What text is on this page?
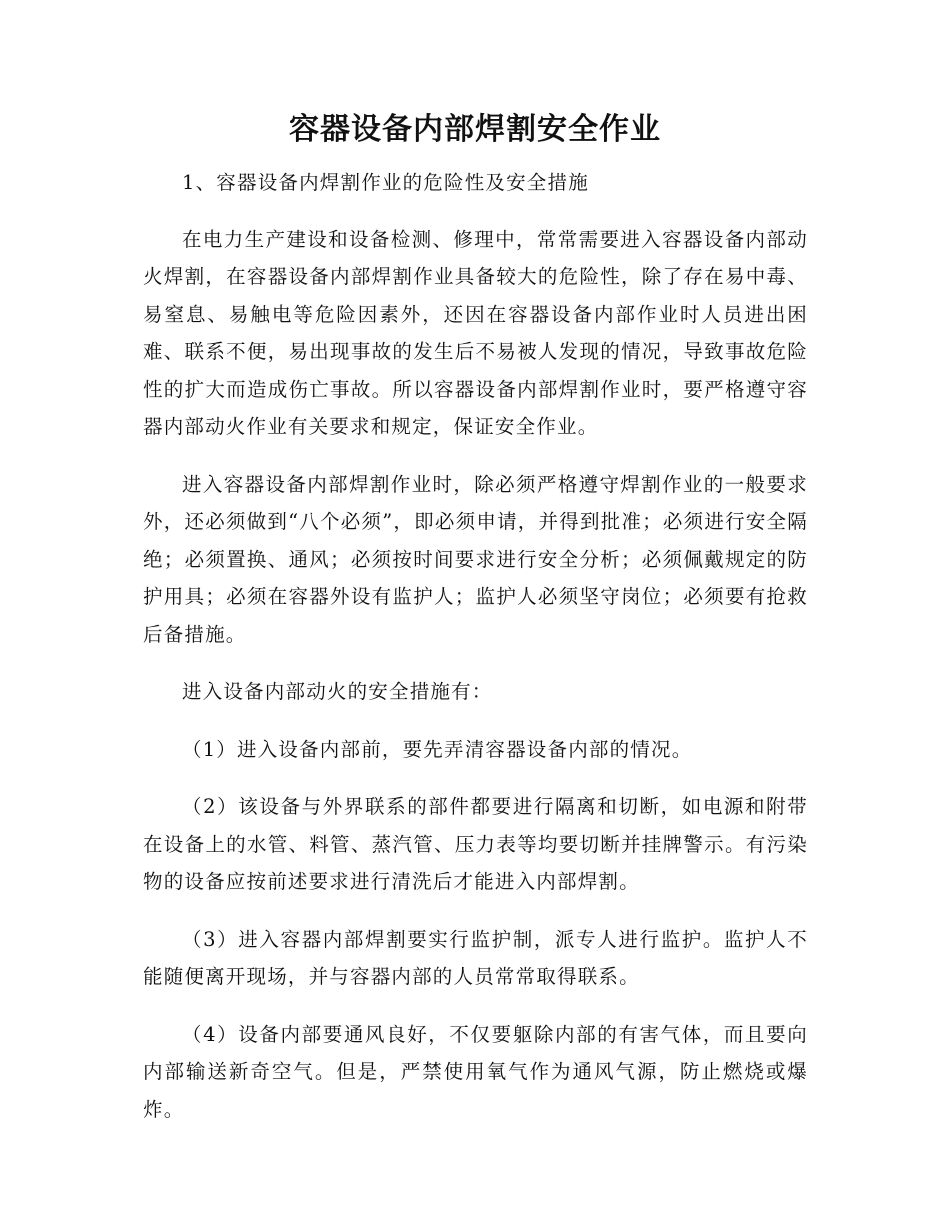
容器设备内部焊割安全作业

1、容器设备内焊割作业的危险性及安全措施

在电力生产建设和设备检测、修理中，常常需要进入容器设备内部动火焊割，在容器设备内部焊割作业具备较大的危险性，除了存在易中毒、易窒息、易触电等危险因素外，还因在容器设备内部作业时人员进出困难、联系不便，易出现事故的发生后不易被人发现的情况，导致事故危险性的扩大而造成伤亡事故。所以容器设备内部焊割作业时，要严格遵守容器内部动火作业有关要求和规定，保证安全作业。

进入容器设备内部焊割作业时，除必须严格遵守焊割作业的一般要求外，还必须做到“八个必须”，即必须申请，并得到批准；必须进行安全隔绝；必须置换、通风；必须按时间要求进行安全分析；必须佩戴规定的防护用具；必须在容器外设有监护人；监护人必须坚守岗位；必须要有抢救后备措施。

进入设备内部动火的安全措施有：

（1）进入设备内部前，要先弄清容器设备内部的情况。

（2）该设备与外界联系的部件都要进行隔离和切断，如电源和附带在设备上的水管、料管、蒸汽管、压力表等均要切断并挂牌警示。有污染物的设备应按前述要求进行清洗后才能进入内部焊割。

（3）进入容器内部焊割要实行监护制，派专人进行监护。监护人不能随便离开现场，并与容器内部的人员常常取得联系。

（4）设备内部要通风良好，不仅要躯除内部的有害气体，而且要向内部输送新奇空气。但是，严禁使用氧气作为通风气源，防止燃烧或爆炸。
